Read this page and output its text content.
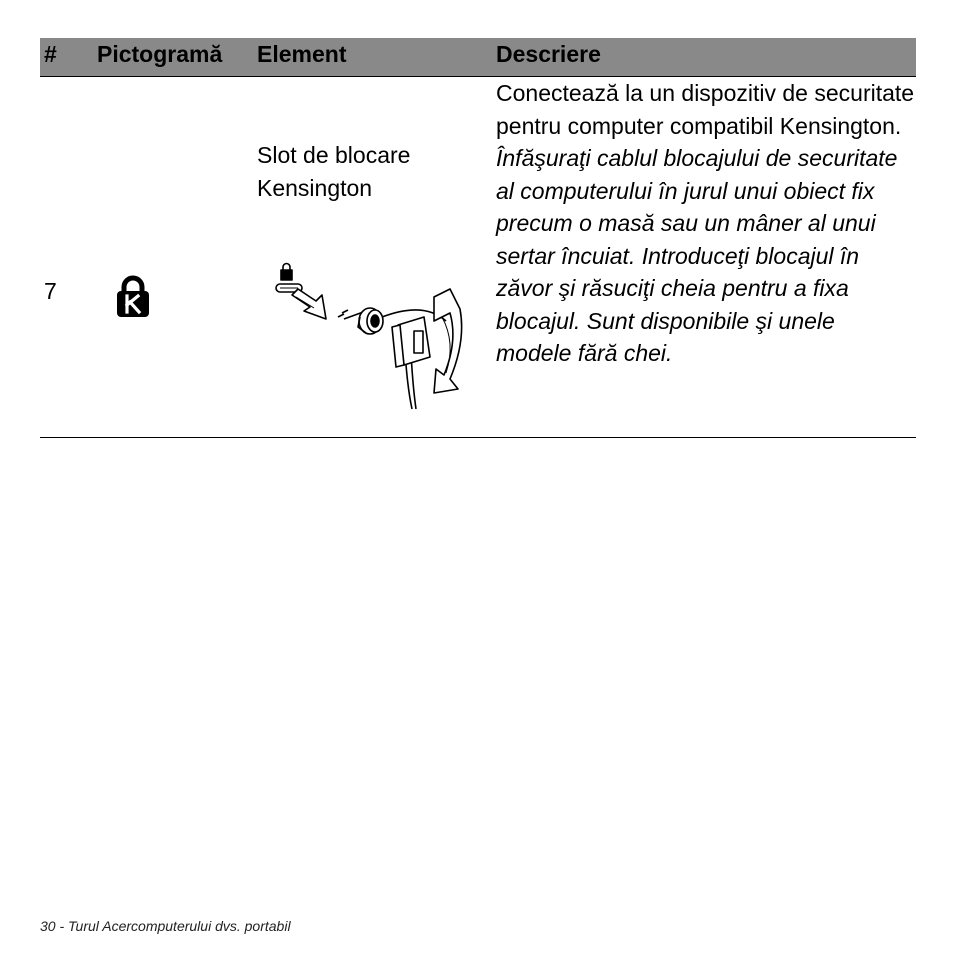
# Pictogramă Element	Descriere
7
Slot de blocare Kensington

Conectează la un dispozitiv de securitate pentru computer compatibil Kensington.

Înfăşuraţi cablul blocajului de securitate al computerului în jurul unui obiect fix precum o masă sau un mâner al unui sertar încuiat. Introduceţi blocajul în zăvor şi răsuciţi cheia pentru a fixa blocajul. Sunt disponibile şi unele modele fără chei.

30 - Turul Acercomputerului dvs. portabil
